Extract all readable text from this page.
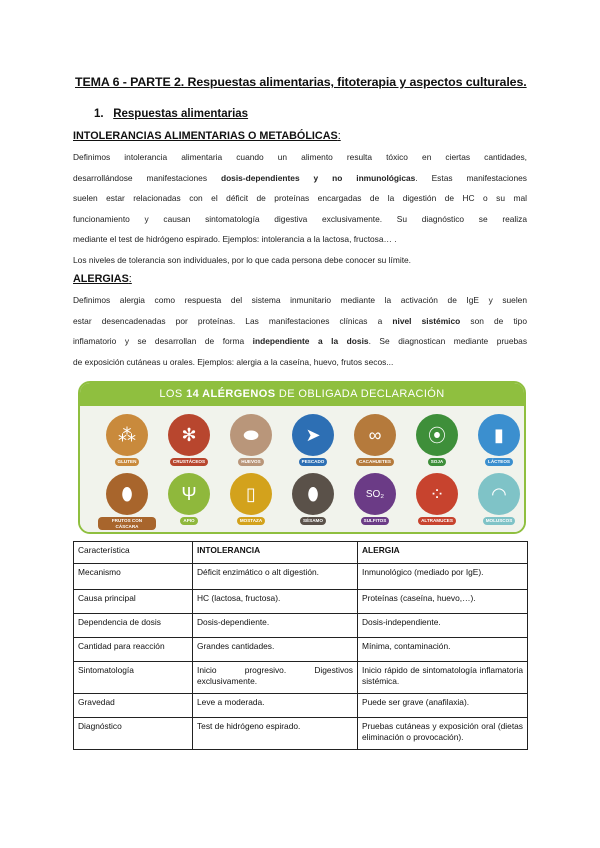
TEMA 6 - PARTE 2. Respuestas alimentarias, fitoterapia y aspectos culturales.
1. Respuestas alimentarias
INTOLERANCIAS ALIMENTARIAS O METABÓLICAS:
Definimos intolerancia alimentaria cuando un alimento resulta tóxico en ciertas cantidades,
desarrollándose manifestaciones dosis-dependientes y no inmunológicas. Estas manifestaciones
suelen estar relacionadas con el déficit de proteínas encargadas de la digestión de HC o su mal
funcionamiento y causan sintomatología digestiva exclusivamente. Su diagnóstico se realiza
mediante el test de hidrógeno espirado. Ejemplos: intolerancia a la lactosa, fructosa… .
Los niveles de tolerancia son individuales, por lo que cada persona debe conocer su límite.
ALERGIAS:
Definimos alergia como respuesta del sistema inmunitario mediante la activación de IgE y suelen
estar desencadenadas por proteínas. Las manifestaciones clínicas a nivel sistémico son de tipo
inflamatorio y se desarrollan de forma independiente a la dosis. Se diagnostican mediante pruebas
de exposición cutáneas u orales. Ejemplos: alergia a la caseína, huevo, frutos secos...
LOS 14 ALÉRGENOS DE OBLIGADA DECLARACIÓN
⁂
GLUTEN
✻
CRUSTÁCEOS
⬬
HUEVOS
➤
PESCADO
∞
CACAHUETES
⦿
SOJA
▮
LÁCTEOS
⬮
FRUTOS CON CÁSCARA
Ψ
APIO
▯
MOSTAZA
⬮
SÉSAMO
SO₂
SULFITOS
⁘
ALTRAMUCES
◠
MOLUSCOS
Característica	INTOLERANCIA	ALERGIA
Mecanismo	Déficit enzimático o alt digestión.	Inmunológico (mediado por IgE).
Causa principal	HC (lactosa, fructosa).	Proteínas (caseína, huevo,…).
Dependencia de dosis	Dosis-dependiente.	Dosis-independiente.
Cantidad para reacción	Grandes cantidades.	Mínima, contaminación.
Sintomatología	Inicio progresivo. Digestivos exclusivamente.	Inicio rápido de sintomatología inflamatoria sistémica.
Gravedad	Leve a moderada.	Puede ser grave (anafilaxia).
Diagnóstico	Test de hidrógeno espirado.	Pruebas cutáneas y exposición oral (dietas eliminación o provocación).
